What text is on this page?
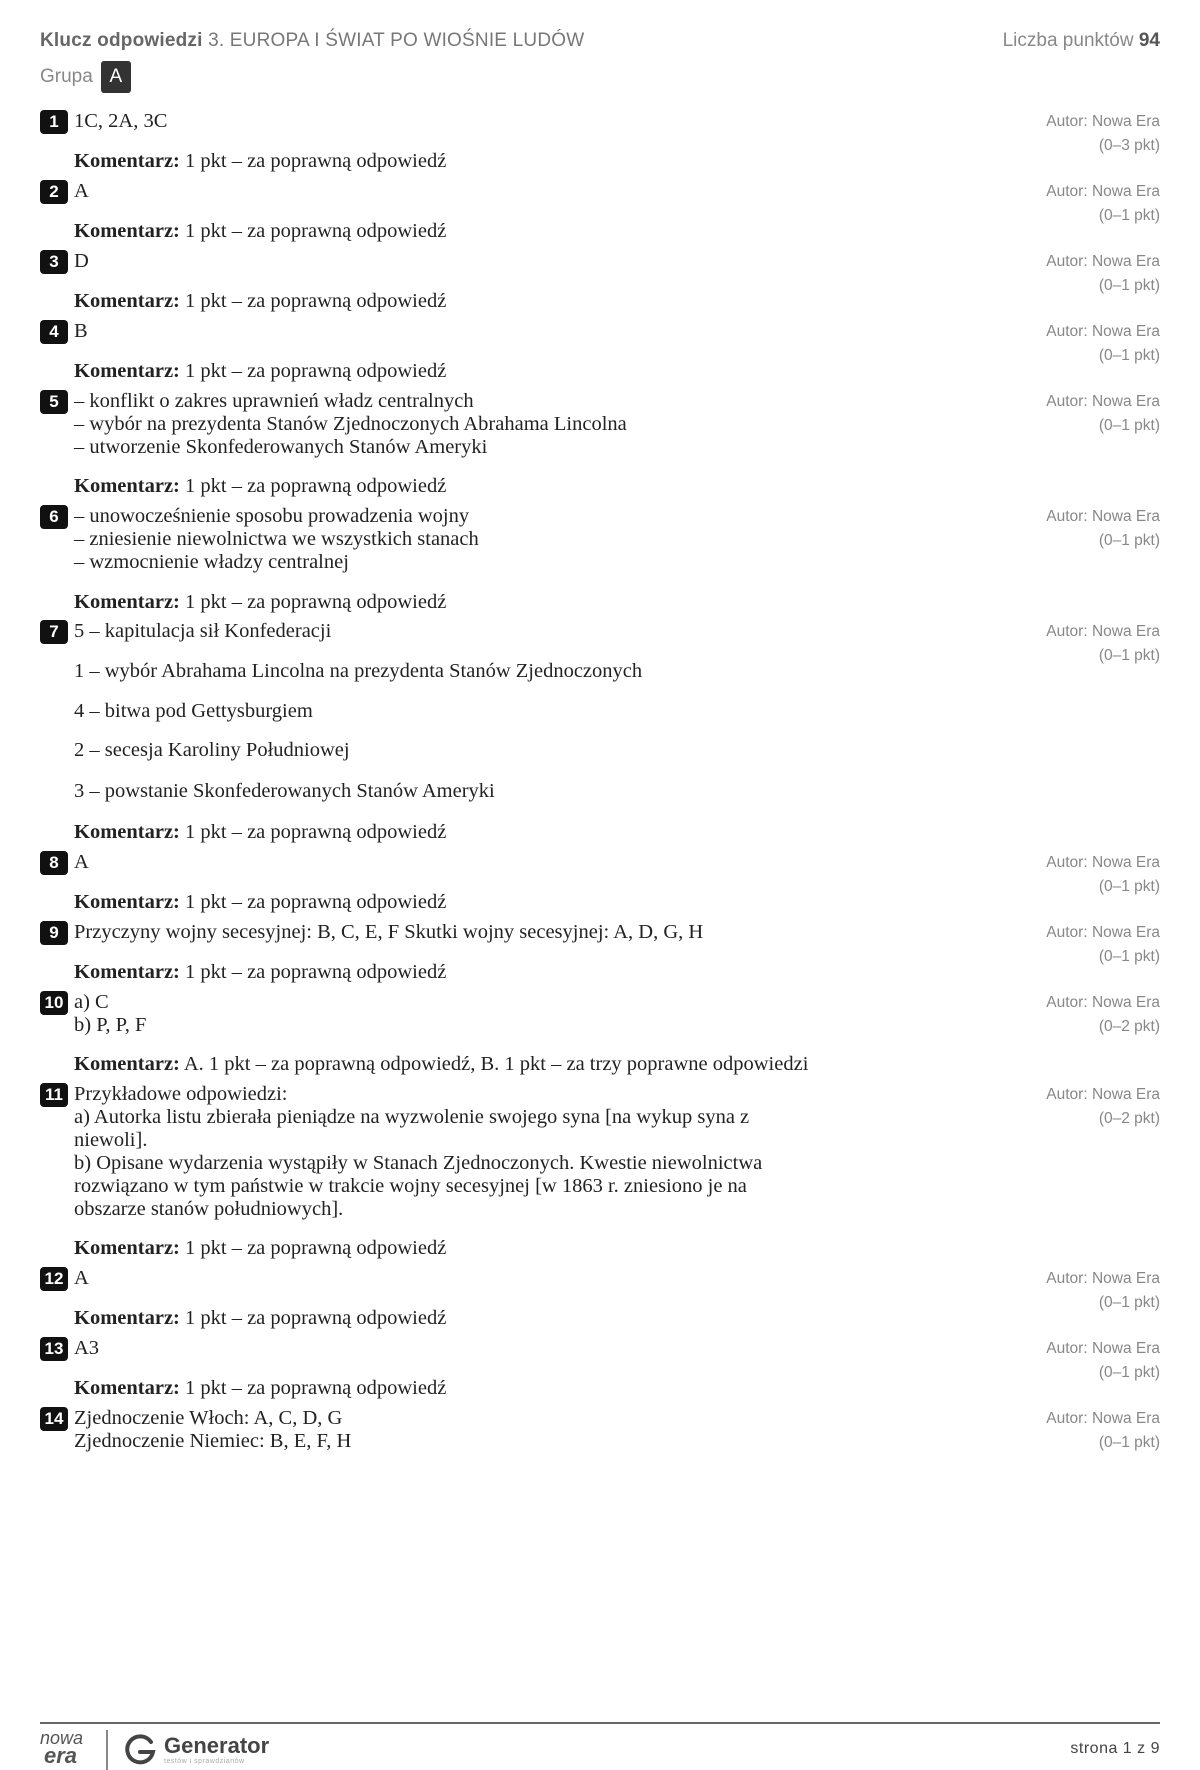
Klucz odpowiedzi 3. EUROPA I ŚWIAT PO WIOŚNIE LUDÓW	Liczba punktów 94
Grupa A
1 1C, 2A, 3C	Autor: Nowa Era
(0–3 pkt)
Komentarz: 1 pkt – za poprawną odpowiedź
2 A	Autor: Nowa Era
(0–1 pkt)
Komentarz: 1 pkt – za poprawną odpowiedź
3 D	Autor: Nowa Era
(0–1 pkt)
Komentarz: 1 pkt – za poprawną odpowiedź
4 B	Autor: Nowa Era
(0–1 pkt)
Komentarz: 1 pkt – za poprawną odpowiedź
5 – konflikt o zakres uprawnień władz centralnych
– wybór na prezydenta Stanów Zjednoczonych Abrahama Lincolna
– utworzenie Skonfederowanych Stanów Ameryki
Autor: Nowa Era
(0–1 pkt)
Komentarz: 1 pkt – za poprawną odpowiedź
6 – unowocześnienie sposobu prowadzenia wojny
– zniesienie niewolnictwa we wszystkich stanach
– wzmocnienie władzy centralnej
Autor: Nowa Era
(0–1 pkt)
Komentarz: 1 pkt – za poprawną odpowiedź
7 5 – kapitulacja sił Konfederacji
1 – wybór Abrahama Lincolna na prezydenta Stanów Zjednoczonych
4 – bitwa pod Gettysburgiem
2 – secesja Karoliny Południowej
3 – powstanie Skonfederowanych Stanów Ameryki
Autor: Nowa Era
(0–1 pkt)
Komentarz: 1 pkt – za poprawną odpowiedź
8 A	Autor: Nowa Era
(0–1 pkt)
Komentarz: 1 pkt – za poprawną odpowiedź
9 Przyczyny wojny secesyjnej: B, C, E, F Skutki wojny secesyjnej: A, D, G, H	Autor: Nowa Era
(0–1 pkt)
Komentarz: 1 pkt – za poprawną odpowiedź
10 a) C
b) P, P, F
Autor: Nowa Era
(0–2 pkt)
Komentarz: A. 1 pkt – za poprawną odpowiedź, B. 1 pkt – za trzy poprawne odpowiedzi
11 Przykładowe odpowiedzi:
a) Autorka listu zbierała pieniądze na wyzwolenie swojego syna [na wykup syna z
niewoli].
b) Opisane wydarzenia wystąpiły w Stanach Zjednoczonych. Kwestie niewolnictwa
rozwiązano w tym państwie w trakcie wojny secesyjnej [w 1863 r. zniesiono je na
obszarze stanów południowych].
Autor: Nowa Era
(0–2 pkt)
Komentarz: 1 pkt – za poprawną odpowiedź
12 A	Autor: Nowa Era
(0–1 pkt)
Komentarz: 1 pkt – za poprawną odpowiedź
13 A3	Autor: Nowa Era
(0–1 pkt)
Komentarz: 1 pkt – za poprawną odpowiedź
14 Zjednoczenie Włoch: A, C, D, G
Zjednoczenie Niemiec: B, E, F, H
Autor: Nowa Era
(0–1 pkt)
nowa
era	Generator
testów i sprawdzianów
strona 1 z 9
